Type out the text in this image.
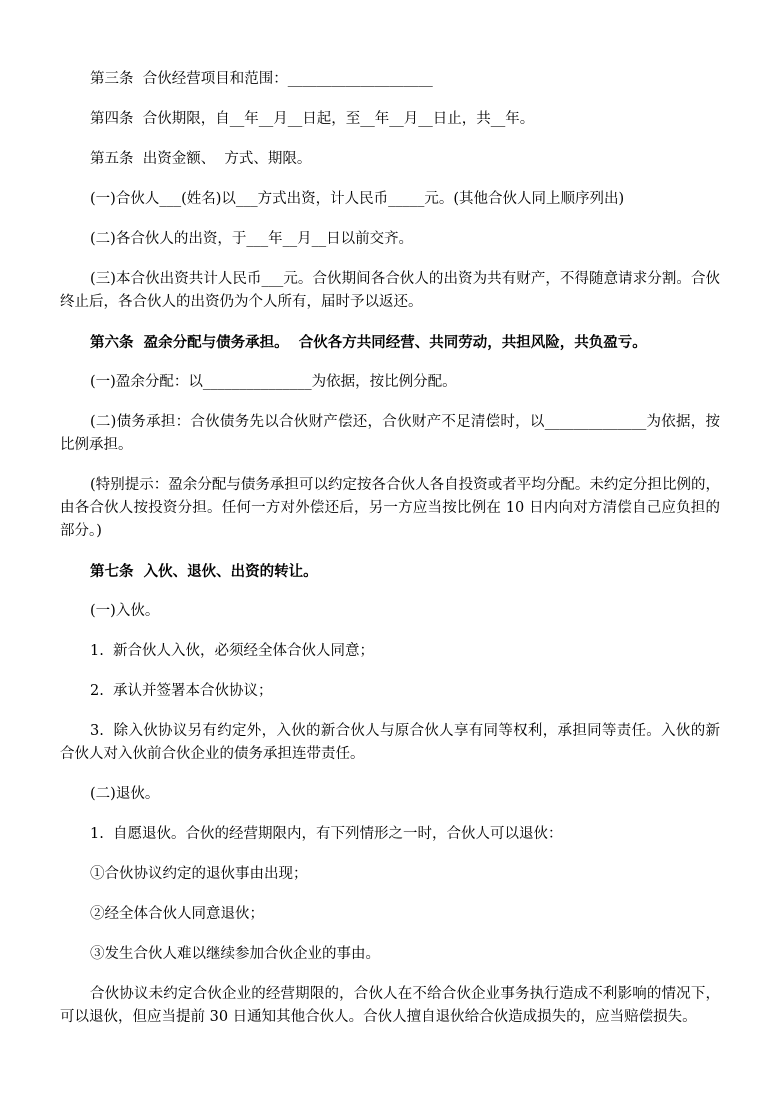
第三条  合伙经营项目和范围：____________________

第四条  合伙期限，自__年__月__日起，至__年__月__日止，共__年。

第五条  出资金额、  方式、期限。

(一)合伙人___(姓名)以___方式出资，计人民币_____元。(其他合伙人同上顺序列出)

(二)各合伙人的出资，于___年__月__日以前交齐。

(三)本合伙出资共计人民币___元。合伙期间各合伙人的出资为共有财产，不得随意请求分割。合伙终止后，各合伙人的出资仍为个人所有，届时予以返还。

第六条  盈余分配与债务承担。  合伙各方共同经营、共同劳动，共担风险，共负盈亏。

(一)盈余分配：以_______________为依据，按比例分配。

(二)债务承担：合伙债务先以合伙财产偿还，合伙财产不足清偿时，以______________为依据，按比例承担。

(特别提示：盈余分配与债务承担可以约定按各合伙人各自投资或者平均分配。未约定分担比例的，由各合伙人按投资分担。任何一方对外偿还后，另一方应当按比例在 10 日内向对方清偿自己应负担的部分。)

第七条  入伙、退伙、出资的转让。

(一)入伙。

1.  新合伙人入伙，必须经全体合伙人同意；

2.  承认并签署本合伙协议；

3.  除入伙协议另有约定外，入伙的新合伙人与原合伙人享有同等权利，承担同等责任。入伙的新合伙人对入伙前合伙企业的债务承担连带责任。

(二)退伙。

1.  自愿退伙。合伙的经营期限内，有下列情形之一时，合伙人可以退伙：

①合伙协议约定的退伙事由出现；

②经全体合伙人同意退伙；

③发生合伙人难以继续参加合伙企业的事由。

合伙协议未约定合伙企业的经营期限的，合伙人在不给合伙企业事务执行造成不利影响的情况下，可以退伙，但应当提前 30 日通知其他合伙人。合伙人擅自退伙给合伙造成损失的，应当赔偿损失。
